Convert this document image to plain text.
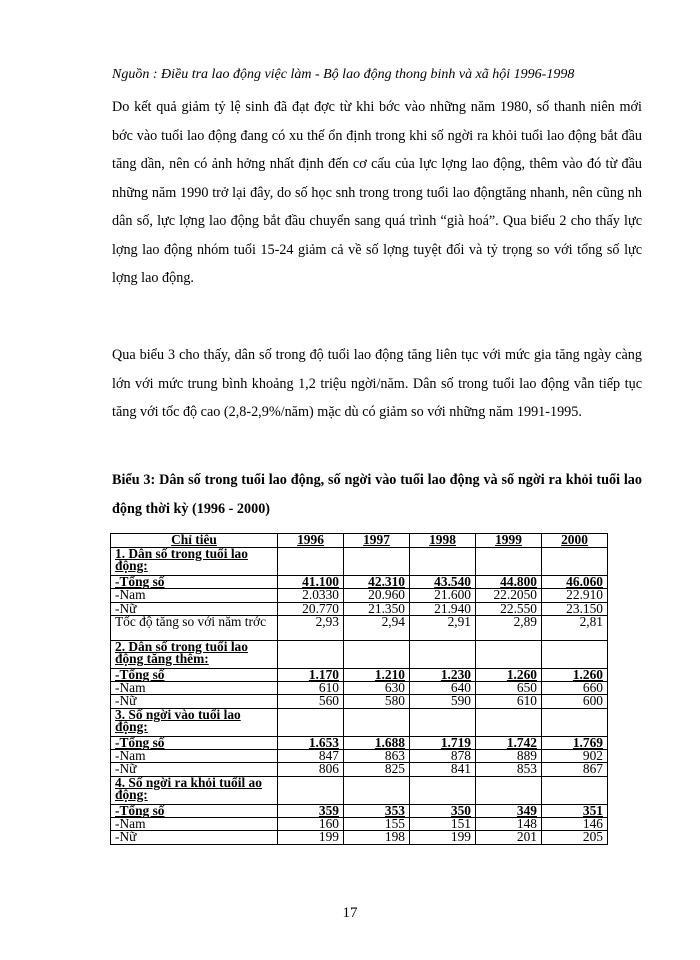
Nguồn : Điều tra lao động việc làm - Bộ lao động thong binh và xã hội 1996-1998

Do kết quả giảm tỷ lệ sinh đã đạt đợc từ khi bớc vào những năm 1980, số thanh niên mới bớc vào tuổi lao động đang có xu thế ổn định trong khi số ngời ra khỏi tuổi lao động bắt đầu tăng dần, nên có ảnh hởng nhất định đến cơ cấu của lực lợng lao động, thêm vào đó từ đầu những năm 1990 trở lại đây, do số học snh trong trong tuổi lao độngtăng nhanh, nên cũng nh dân số, lực lợng lao động bắt đầu chuyển sang quá trình “già hoá”. Qua biểu 2 cho thấy lực lợng lao động nhóm tuổi 15-24 giảm cả về số lợng tuyệt đối và tỷ trọng so với tổng số lực lợng lao động.

Qua biểu 3 cho thấy, dân số trong độ tuổi lao động tăng liên tục với mức gia tăng ngày càng lớn với mức trung bình khoảng 1,2 triệu ngời/năm. Dân số trong tuổi lao động vẫn tiếp tục tăng với tốc độ cao (2,8-2,9%/năm) mặc dù có giảm so với những năm 1991-1995.

Biểu 3: Dân số trong tuổi lao động, số ngời vào tuổi lao động và số ngời ra khỏi tuổi lao động thời kỳ (1996 - 2000)

Chỉ tiêu	1996	1997	1998	1999	2000
1. Dân số trong tuổi lao động:					
-Tổng số	41.100	42.310	43.540	44.800	46.060
-Nam	2.0330	20.960	21.600	22.2050	22.910
-Nữ	20.770	21.350	21.940	22.550	23.150
Tốc độ tăng so với năm trớc	2,93	2,94	2,91	2,89	2,81
2. Dân số trong tuổi lao động tăng thêm:					
-Tổng số	1.170	1.210	1.230	1.260	1.260
-Nam	610	630	640	650	660
-Nữ	560	580	590	610	600
3. Số ngời vào tuổi lao động:					
-Tổng số	1.653	1.688	1.719	1.742	1.769
-Nam	847	863	878	889	902
-Nữ	806	825	841	853	867
4. Số ngời ra khỏi tuổil ao động:					
-Tổng số	359	353	350	349	351
-Nam	160	155	151	148	146
-Nữ	199	198	199	201	205
17
